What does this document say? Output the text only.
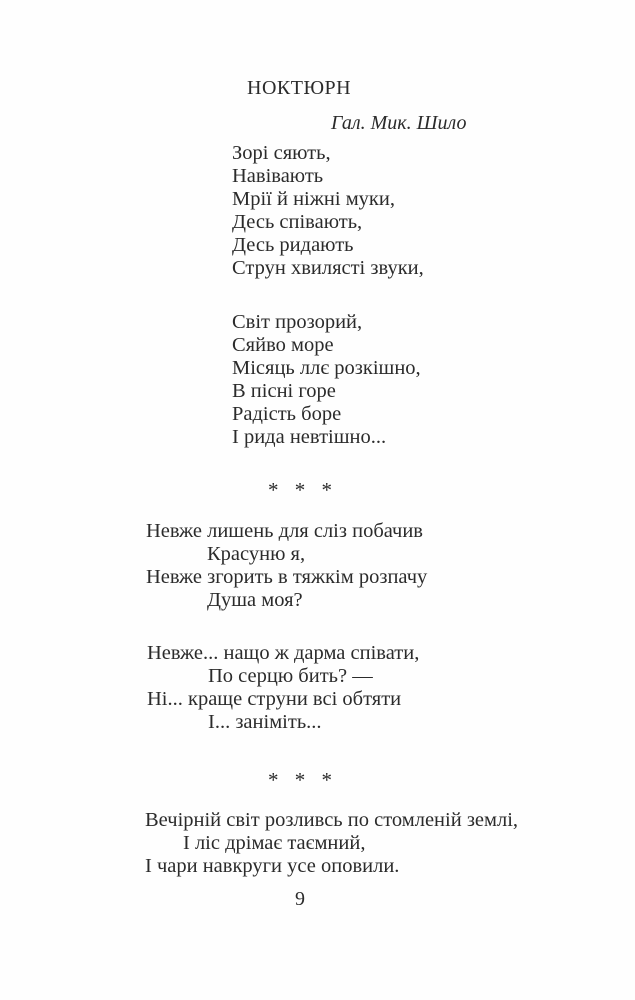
НОКТЮРН
Гал. Мик. Шило
Зорі сяють,
Навівають
Мрії й ніжні муки,
Десь співають,
Десь ридають
Струн хвилясті звуки,
Світ прозорий,
Сяйво море
Місяць ллє розкішно,
В пісні горе
Радість боре
І рида невтішно...
* * *
Невже лишень для сліз побачив
Красуню я,
Невже згорить в тяжкім розпачу
Душа моя?
Невже... нащо ж дарма співати,
По серцю бить? —
Ні... краще струни всі обтяти
І... заніміть...
* * *
Вечірній світ розливсь по стомленій землі,
І ліс дрімає таємний,
І чари навкруги усе оповили.
9
